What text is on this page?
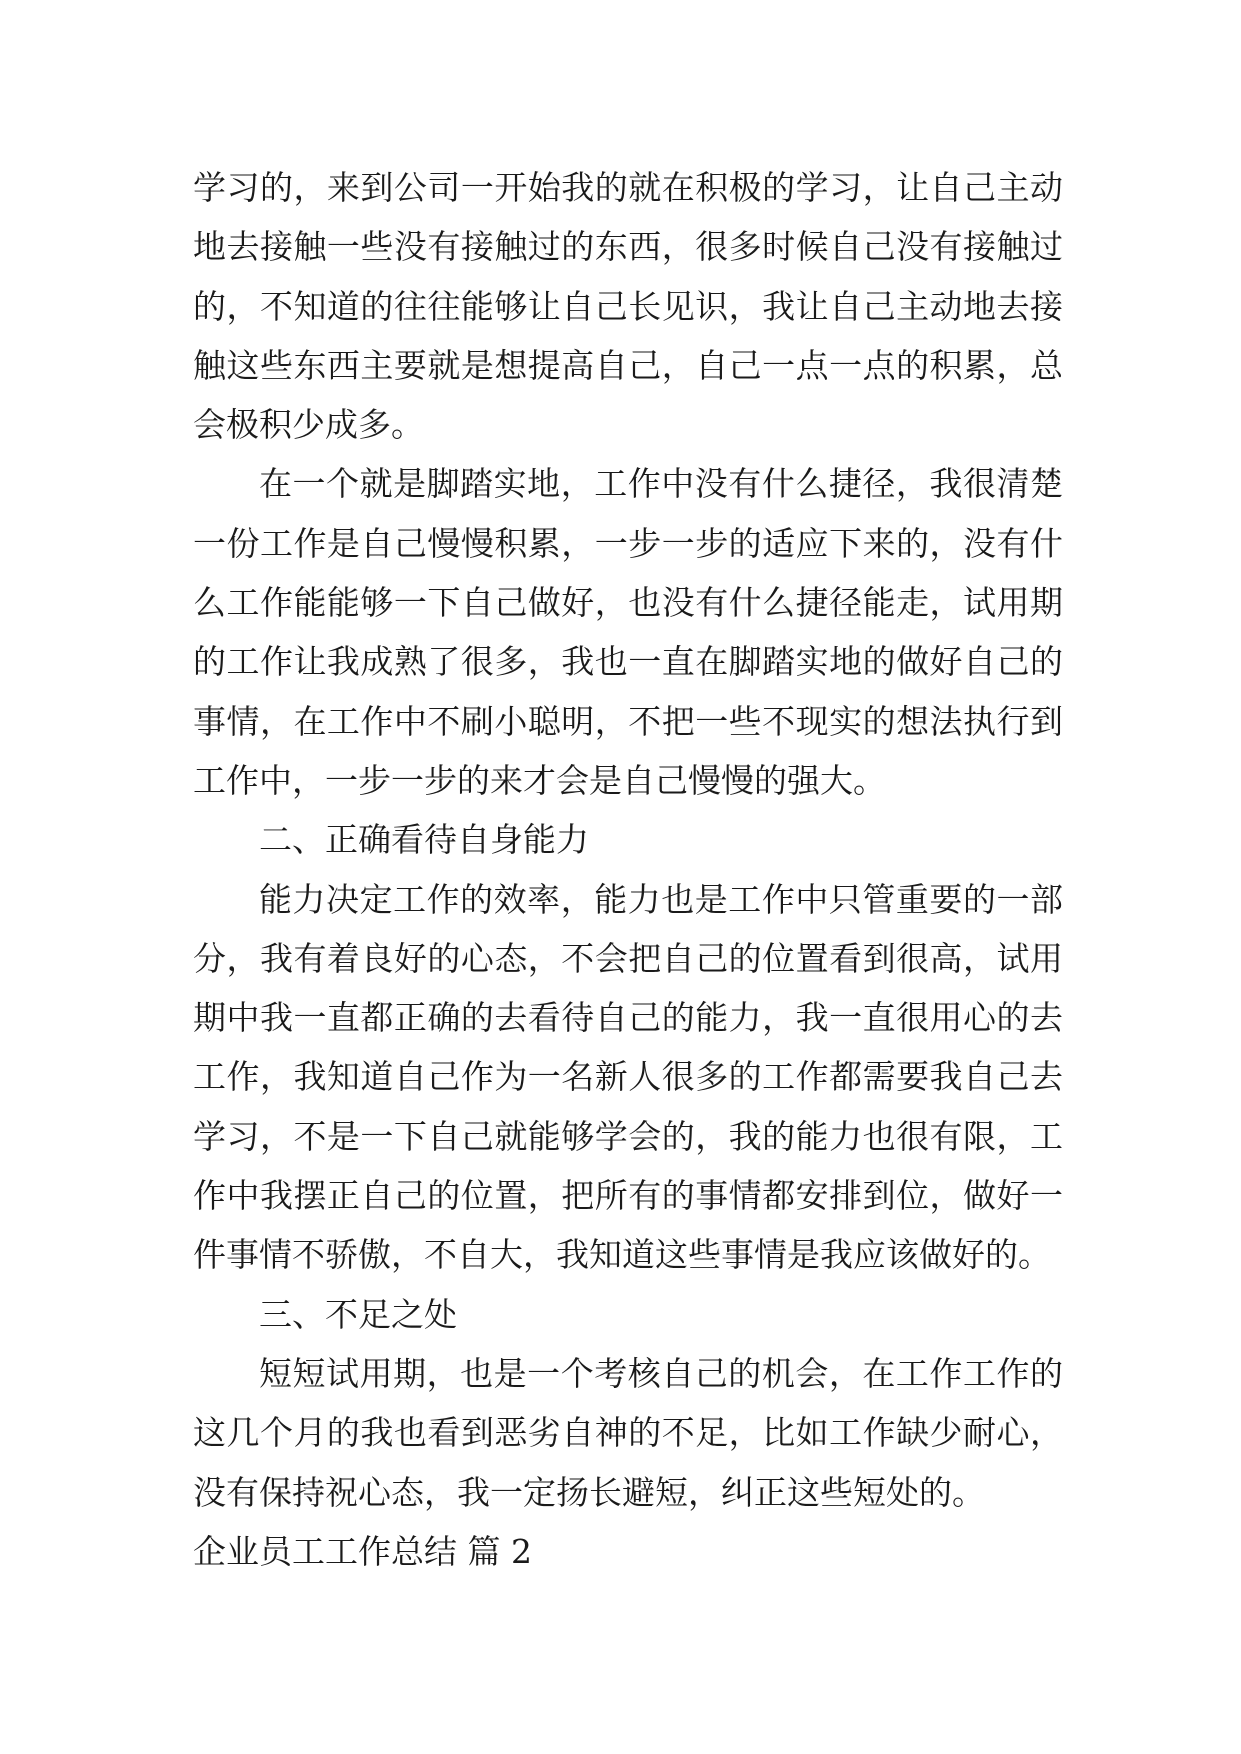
学习的，来到公司一开始我的就在积极的学习，让自己主动
地去接触一些没有接触过的东西，很多时候自己没有接触过
的，不知道的往往能够让自己长见识，我让自己主动地去接
触这些东西主要就是想提高自己，自己一点一点的积累，总
会极积少成多。
在一个就是脚踏实地，工作中没有什么捷径，我很清楚
一份工作是自己慢慢积累，一步一步的适应下来的，没有什
么工作能能够一下自己做好，也没有什么捷径能走，试用期
的工作让我成熟了很多，我也一直在脚踏实地的做好自己的
事情，在工作中不刷小聪明，不把一些不现实的想法执行到
工作中，一步一步的来才会是自己慢慢的强大。
二、正确看待自身能力
能力决定工作的效率，能力也是工作中只管重要的一部
分，我有着良好的心态，不会把自己的位置看到很高，试用
期中我一直都正确的去看待自己的能力，我一直很用心的去
工作，我知道自己作为一名新人很多的工作都需要我自己去
学习，不是一下自己就能够学会的，我的能力也很有限，工
作中我摆正自己的位置，把所有的事情都安排到位，做好一
件事情不骄傲，不自大，我知道这些事情是我应该做好的。
三、不足之处
短短试用期，也是一个考核自己的机会，在工作工作的
这几个月的我也看到恶劣自神的不足，比如工作缺少耐心，
没有保持祝心态，我一定扬长避短，纠正这些短处的。
企业员工工作总结 篇 2
